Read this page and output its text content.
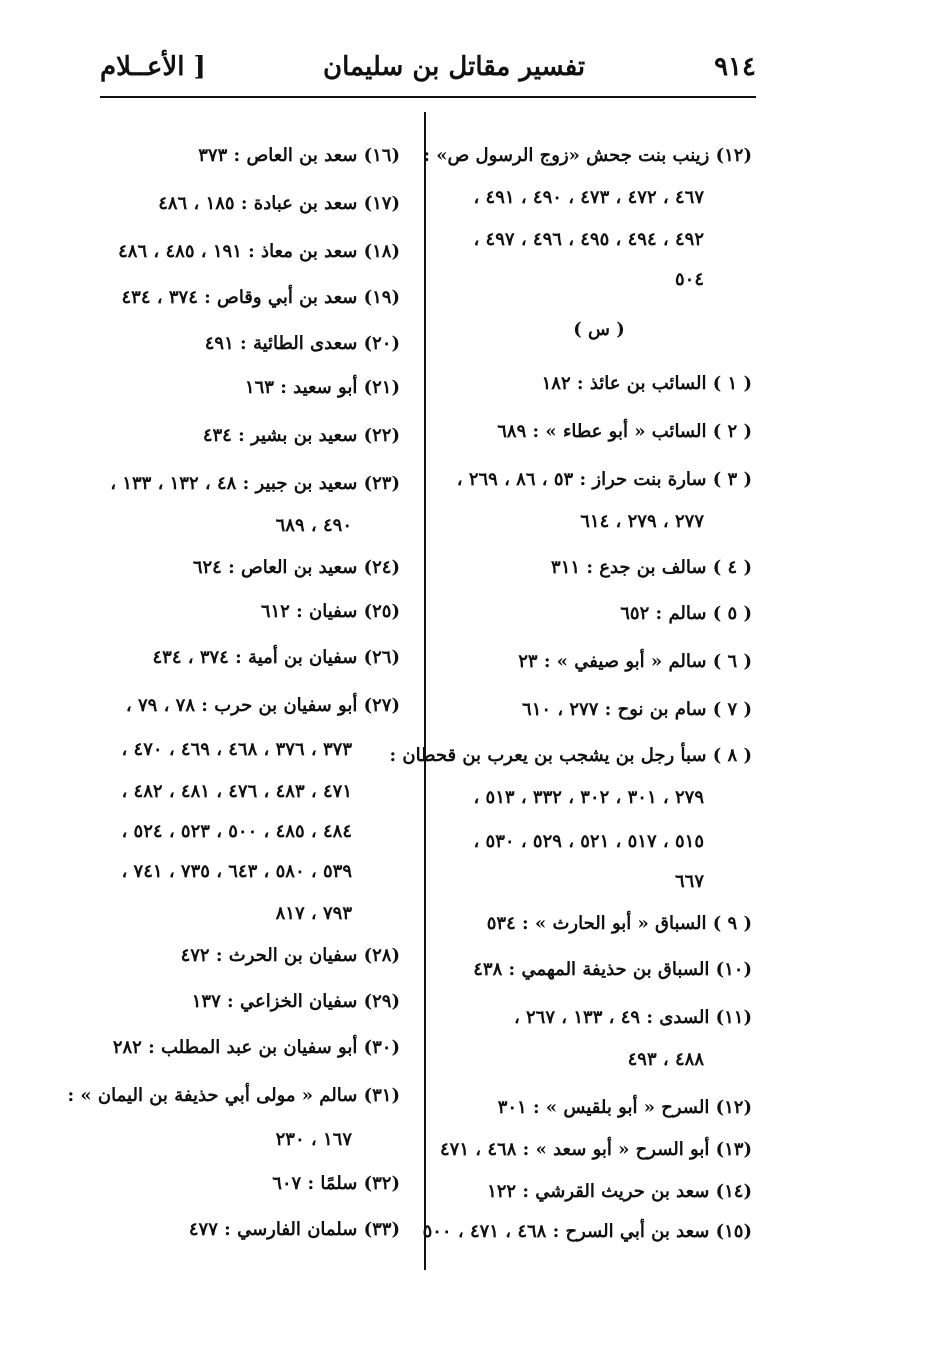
٩١٤
تفسير مقاتل بن سليمان
[ الأعــلام
(١٢) زينب بنت جحش «زوج الرسول ص» :
٤٦٧ ، ٤٧٢ ، ٤٧٣ ، ٤٩٠ ، ٤٩١ ،
٤٩٢ ، ٤٩٤ ، ٤٩٥ ، ٤٩٦ ، ٤٩٧ ،
٥٠٤
( س )
( ١ ) السائب بن عائذ : ١٨٢
( ٢ ) السائب « أبو عطاء » : ٦٨٩
( ٣ ) سارة بنت حراز : ٥٣ ، ٨٦ ، ٢٦٩ ،
٢٧٧ ، ٢٧٩ ، ٦١٤
( ٤ ) سالف بن جدع : ٣١١
( ٥ ) سالم : ٦٥٢
( ٦ ) سالم « أبو صيفي » : ٢٣
( ٧ ) سام بن نوح : ٢٧٧ ، ٦١٠
( ٨ ) سبأ رجل بن يشجب بن يعرب بن قحطان :
٢٧٩ ، ٣٠١ ، ٣٠٢ ، ٣٣٢ ، ٥١٣ ،
٥١٥ ، ٥١٧ ، ٥٢١ ، ٥٢٩ ، ٥٣٠ ،
٦٦٧
( ٩ ) السباق « أبو الحارث » : ٥٣٤
(١٠) السباق بن حذيفة المهمي : ٤٣٨
(١١) السدى : ٤٩ ، ١٣٣ ، ٢٦٧ ،
٤٨٨ ، ٤٩٣
(١٢) السرح « أبو بلقيس » : ٣٠١
(١٣) أبو السرح « أبو سعد » : ٤٦٨ ، ٤٧١
(١٤) سعد بن حريث القرشي : ١٢٢
(١٥) سعد بن أبي السرح : ٤٦٨ ، ٤٧١ ، ٥٠٠
(١٦) سعد بن العاص : ٣٧٣
(١٧) سعد بن عبادة : ١٨٥ ، ٤٨٦
(١٨) سعد بن معاذ : ١٩١ ، ٤٨٥ ، ٤٨٦
(١٩) سعد بن أبي وقاص : ٣٧٤ ، ٤٣٤
(٢٠) سعدى الطائية : ٤٩١
(٢١) أبو سعيد : ١٦٣
(٢٢) سعيد بن بشير : ٤٣٤
(٢٣) سعيد بن جبير : ٤٨ ، ١٣٢ ، ١٣٣ ،
٤٩٠ ، ٦٨٩
(٢٤) سعيد بن العاص : ٦٢٤
(٢٥) سفيان : ٦١٢
(٢٦) سفيان بن أمية : ٣٧٤ ، ٤٣٤
(٢٧) أبو سفيان بن حرب : ٧٨ ، ٧٩ ،
٣٧٣ ، ٣٧٦ ، ٤٦٨ ، ٤٦٩ ، ٤٧٠ ،
٤٧١ ، ٤٨٣ ، ٤٧٦ ، ٤٨١ ، ٤٨٢ ،
٤٨٤ ، ٤٨٥ ، ٥٠٠ ، ٥٢٣ ، ٥٢٤ ،
٥٣٩ ، ٥٨٠ ، ٦٤٣ ، ٧٣٥ ، ٧٤١ ،
٧٩٣ ، ٨١٧
(٢٨) سفيان بن الحرث : ٤٧٢
(٢٩) سفيان الخزاعي : ١٣٧
(٣٠) أبو سفيان بن عبد المطلب : ٢٨٢
(٣١) سالم « مولى أبي حذيفة بن اليمان » :
١٦٧ ، ٢٣٠
(٣٢) سلمًا : ٦٠٧
(٣٣) سلمان الفارسي : ٤٧٧
